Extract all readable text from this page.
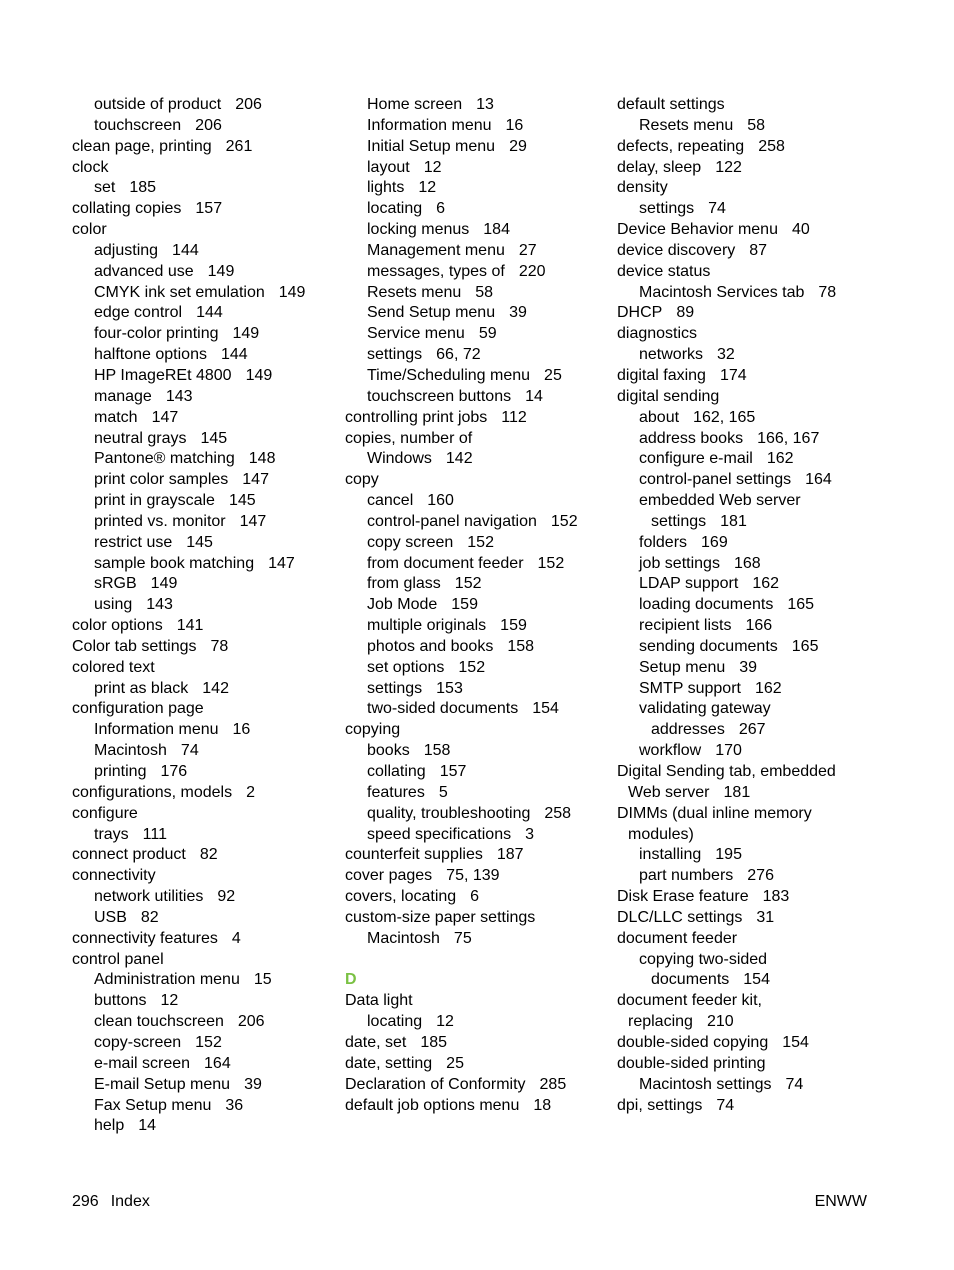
outside of product 206
touchscreen 206
clean page, printing 261
clock
set 185
collating copies 157
color
adjusting 144
advanced use 149
CMYK ink set emulation 149
edge control 144
four-color printing 149
halftone options 144
HP ImageREt 4800 149
manage 143
match 147
neutral grays 145
Pantone® matching 148
print color samples 147
print in grayscale 145
printed vs. monitor 147
restrict use 145
sample book matching 147
sRGB 149
using 143
color options 141
Color tab settings 78
colored text
print as black 142
configuration page
Information menu 16
Macintosh 74
printing 176
configurations, models 2
configure
trays 111
connect product 82
connectivity
network utilities 92
USB 82
connectivity features 4
control panel
Administration menu 15
buttons 12
clean touchscreen 206
copy-screen 152
e-mail screen 164
E-mail Setup menu 39
Fax Setup menu 36
help 14
Home screen 13
Information menu 16
Initial Setup menu 29
layout 12
lights 12
locating 6
locking menus 184
Management menu 27
messages, types of 220
Resets menu 58
Send Setup menu 39
Service menu 59
settings 66, 72
Time/Scheduling menu 25
touchscreen buttons 14
controlling print jobs 112
copies, number of
Windows 142
copy
cancel 160
control-panel navigation 152
copy screen 152
from document feeder 152
from glass 152
Job Mode 159
multiple originals 159
photos and books 158
set options 152
settings 153
two-sided documents 154
copying
books 158
collating 157
features 5
quality, troubleshooting 258
speed specifications 3
counterfeit supplies 187
cover pages 75, 139
covers, locating 6
custom-size paper settings
Macintosh 75
D
Data light
locating 12
date, set 185
date, setting 25
Declaration of Conformity 285
default job options menu 18
default settings
Resets menu 58
defects, repeating 258
delay, sleep 122
density
settings 74
Device Behavior menu 40
device discovery 87
device status
Macintosh Services tab 78
DHCP 89
diagnostics
networks 32
digital faxing 174
digital sending
about 162, 165
address books 166, 167
configure e-mail 162
control-panel settings 164
embedded Web server
settings 181
folders 169
job settings 168
LDAP support 162
loading documents 165
recipient lists 166
sending documents 165
Setup menu 39
SMTP support 162
validating gateway
addresses 267
workflow 170
Digital Sending tab, embedded
Web server 181
DIMMs (dual inline memory
modules)
installing 195
part numbers 276
Disk Erase feature 183
DLC/LLC settings 31
document feeder
copying two-sided
documents 154
document feeder kit,
replacing 210
double-sided copying 154
double-sided printing
Macintosh settings 74
dpi, settings 74
296 Index	ENWW
